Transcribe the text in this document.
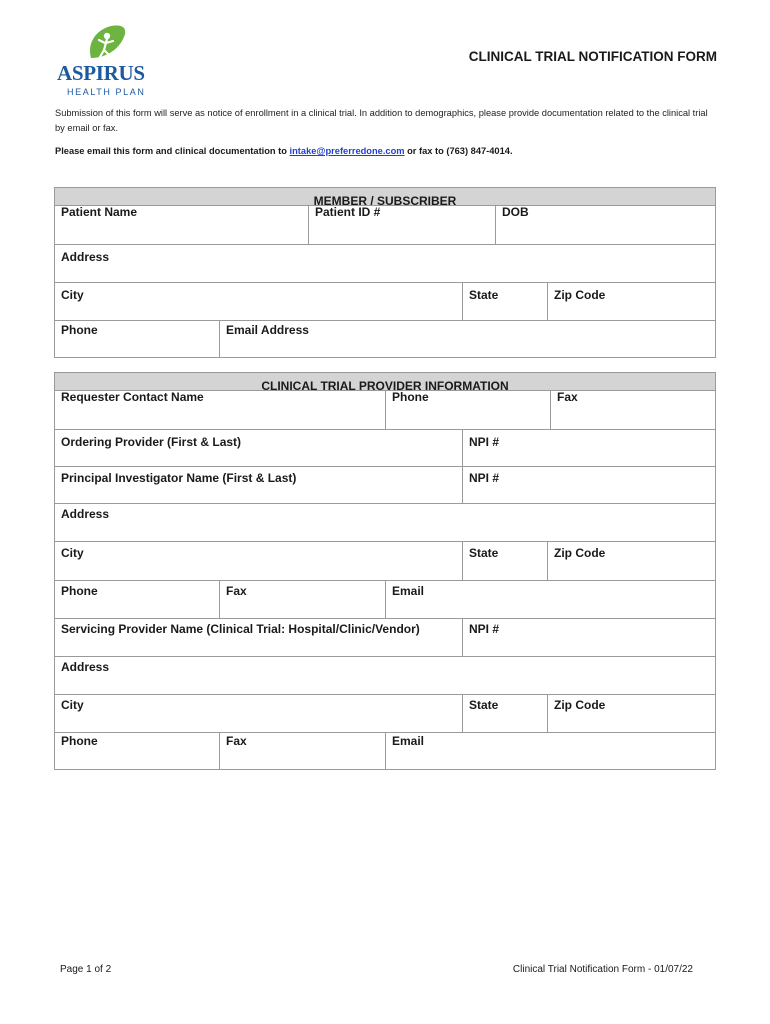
ASPIRUS
HEALTH PLAN
CLINICAL TRIAL NOTIFICATION FORM
Submission of this form will serve as notice of enrollment in a clinical trial. In addition to demographics, please provide documentation related to the clinical trial by email or fax.
Please email this form and clinical documentation to intake@preferredone.com or fax to (763) 847-4014.
MEMBER / SUBSCRIBER
Patient Name	Patient ID #	DOB
Address
City	State	Zip Code
Phone	Email Address
CLINICAL TRIAL PROVIDER INFORMATION
Requester Contact Name	Phone	Fax
Ordering Provider (First & Last)	NPI #
Principal Investigator Name (First & Last)	NPI #
Address
City	State	Zip Code
Phone	Fax	Email
Servicing Provider Name (Clinical Trial: Hospital/Clinic/Vendor)	NPI #
Address
City	State	Zip Code
Phone	Fax	Email
Page 1 of 2	Clinical Trial Notification Form - 01/07/22
